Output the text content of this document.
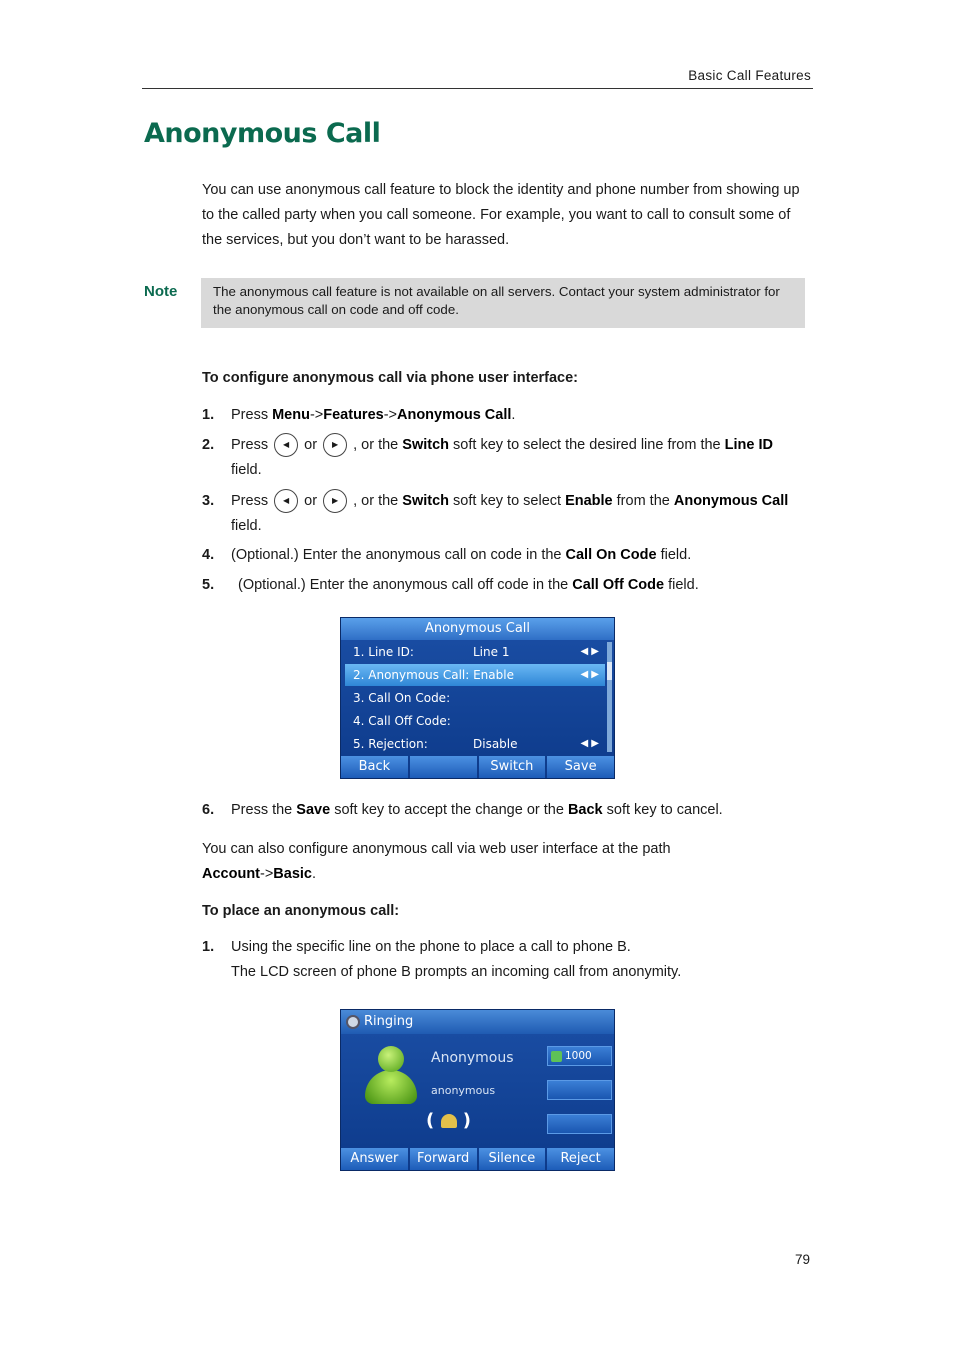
Basic Call Features
Anonymous Call
You can use anonymous call feature to block the identity and phone number from showing up to the called party when you call someone. For example, you want to call to consult some of the services, but you don’t want to be harassed.
Note	The anonymous call feature is not available on all servers. Contact your system administrator for the anonymous call on code and off code.
To configure anonymous call via phone user interface:
1.	Press Menu->Features->Anonymous Call.
2.	Press ◀ or ▶ , or the Switch soft key to select the desired line from the Line ID
field.
3.	Press ◀ or ▶ , or the Switch soft key to select Enable from the Anonymous Call
field.
4.	(Optional.) Enter the anonymous call on code in the Call On Code field.
5.	(Optional.) Enter the anonymous call off code in the Call Off Code field.
Anonymous Call
1. Line ID:	Line 1	◀ ▶
2. Anonymous Call: Enable	◀ ▶
3. Call On Code:
4. Call Off Code:
5. Rejection:	Disable	◀ ▶
Back	Switch	Save
6.	Press the Save soft key to accept the change or the Back soft key to cancel.
You can also configure anonymous call via web user interface at the path
Account->Basic.
To place an anonymous call:
1.	Using the specific line on the phone to place a call to phone B.
The LCD screen of phone B prompts an incoming call from anonymity.
Ringing
Anonymous
anonymous
(  )
1000
Answer	Forward	Silence	Reject
79
